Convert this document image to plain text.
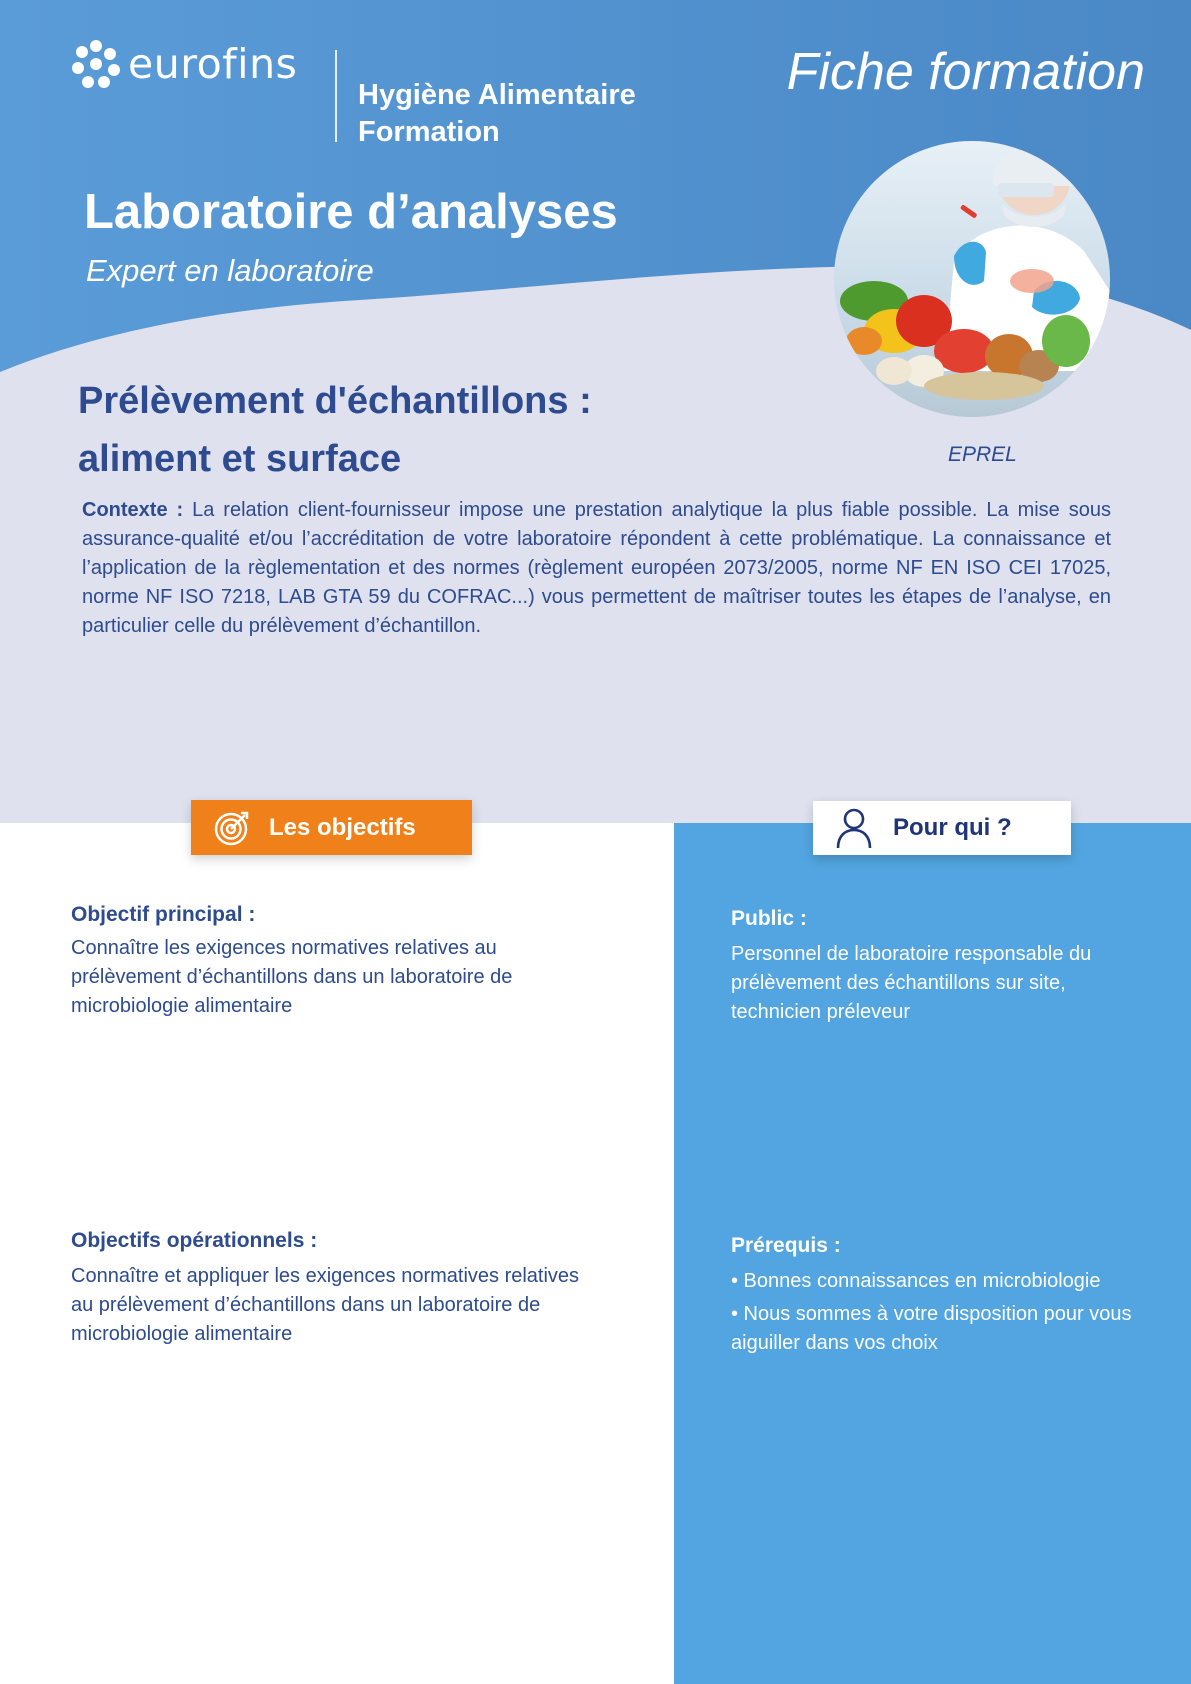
eurofins
Hygiène Alimentaire
Formation
Fiche formation
Laboratoire d’analyses
Expert en laboratoire
EPREL
Prélèvement d'échantillons :
aliment et surface
Contexte : La relation client-fournisseur impose une prestation analytique la plus fiable possible. La mise sous assurance-qualité et/ou l’accréditation de votre laboratoire répondent à cette problématique. La connaissance et l’application de la règlementation et des normes (règlement européen 2073/2005, norme NF EN ISO CEI 17025, norme NF ISO 7218, LAB GTA 59 du COFRAC...) vous permettent de maîtriser toutes les étapes de l’analyse, en particulier celle du prélèvement d’échantillon.
Les objectifs	Pour qui ?
Objectif principal :
Connaître les exigences normatives relatives au prélèvement d’échantillons dans un laboratoire de microbiologie alimentaire
Objectifs opérationnels :
Connaître et appliquer les exigences normatives relatives au prélèvement d’échantillons dans un laboratoire de microbiologie alimentaire
Public :
Personnel de laboratoire responsable du prélèvement des échantillons sur site, technicien préleveur
Prérequis :
• Bonnes connaissances en microbiologie
• Nous sommes à votre disposition pour vous aiguiller dans vos choix
